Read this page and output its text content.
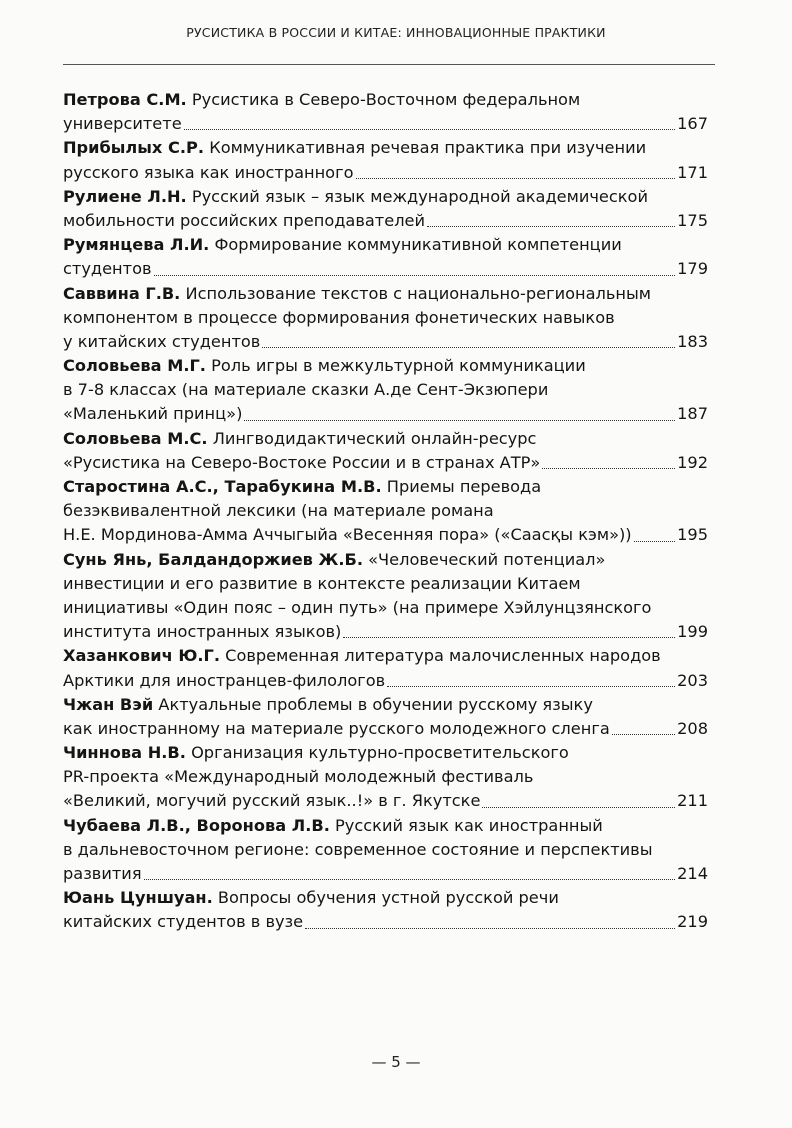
РУСИСТИКА В РОССИИ И КИТАЕ: ИННОВАЦИОННЫЕ ПРАКТИКИ
Петрова С.М. Русистика в Северо-Восточном федеральном
университете	167
Прибылых С.Р. Коммуникативная речевая практика при изучении
русского языка как иностранного	171
Рулиене Л.Н. Русский язык – язык международной академической
мобильности российских преподавателей	175
Румянцева Л.И. Формирование коммуникативной компетенции
студентов	179
Саввина Г.В. Использование текстов с национально-региональным
компонентом в процессе формирования фонетических навыков
у китайских студентов	183
Соловьева М.Г. Роль игры в межкультурной коммуникации
в 7-8 классах (на материале сказки А.де Сент-Экзюпери
«Маленький принц»)	187
Соловьева М.С. Лингводидактический онлайн-ресурс
«Русистика на Северо-Востоке России и в странах АТР»	192
Старостина А.С., Тарабукина М.В. Приемы перевода
безэквивалентной лексики (на материале романа
Н.Е. Мординова-Амма Аччыгыйа «Весенняя пора» («Саасқы кэм»))	195
Сунь Янь, Балдандоржиев Ж.Б. «Человеческий потенциал»
инвестиции и его развитие в контексте реализации Китаем
инициативы «Один пояс – один путь» (на примере Хэйлунцзянского
института иностранных языков)	199
Хазанкович Ю.Г. Современная литература малочисленных народов
Арктики для иностранцев-филологов	203
Чжан Вэй Актуальные проблемы в обучении русскому языку
как иностранному на материале русского молодежного сленга	208
Чиннова Н.В. Организация культурно-просветительского
PR-проекта «Международный молодежный фестиваль
«Великий, могучий русский язык..!» в г. Якутске	211
Чубаева Л.В., Воронова Л.В. Русский язык как иностранный
в дальневосточном регионе: современное состояние и перспективы
развития	214
Юань Цуншуан. Вопросы обучения устной русской речи
китайских студентов в вузе	219
— 5 —
